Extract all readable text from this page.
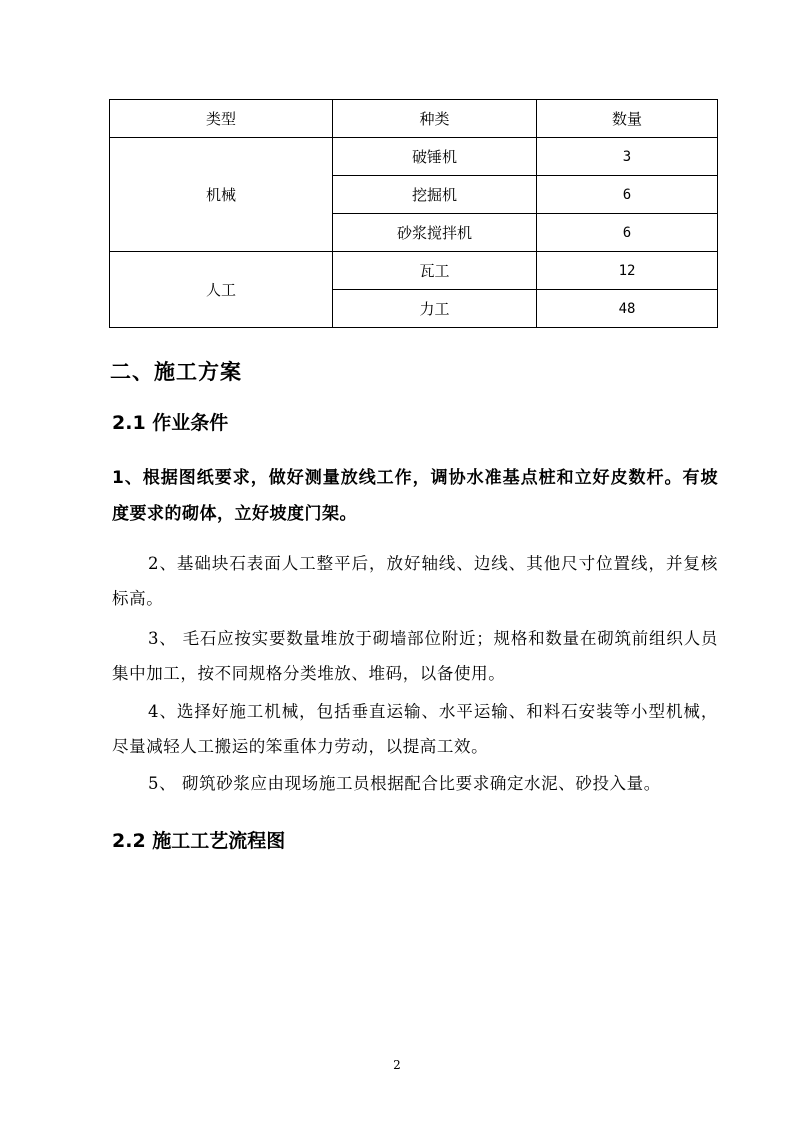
类型	种类	数量
机械	破锤机	3
	挖掘机	6
	砂浆搅拌机	6
人工	瓦工	12
	力工	48
二、施工方案
2.1 作业条件

1、根据图纸要求，做好测量放线工作，调协水准基点桩和立好皮数杆。有坡度要求的砌体，立好坡度门架。

2、基础块石表面人工整平后，放好轴线、边线、其他尺寸位置线，并复核标高。

3、 毛石应按实要数量堆放于砌墙部位附近；规格和数量在砌筑前组织人员集中加工，按不同规格分类堆放、堆码，以备使用。

4、选择好施工机械，包括垂直运输、水平运输、和料石安装等小型机械，尽量减轻人工搬运的笨重体力劳动，以提高工效。

5、 砌筑砂浆应由现场施工员根据配合比要求确定水泥、砂投入量。

2.2 施工工艺流程图
2
